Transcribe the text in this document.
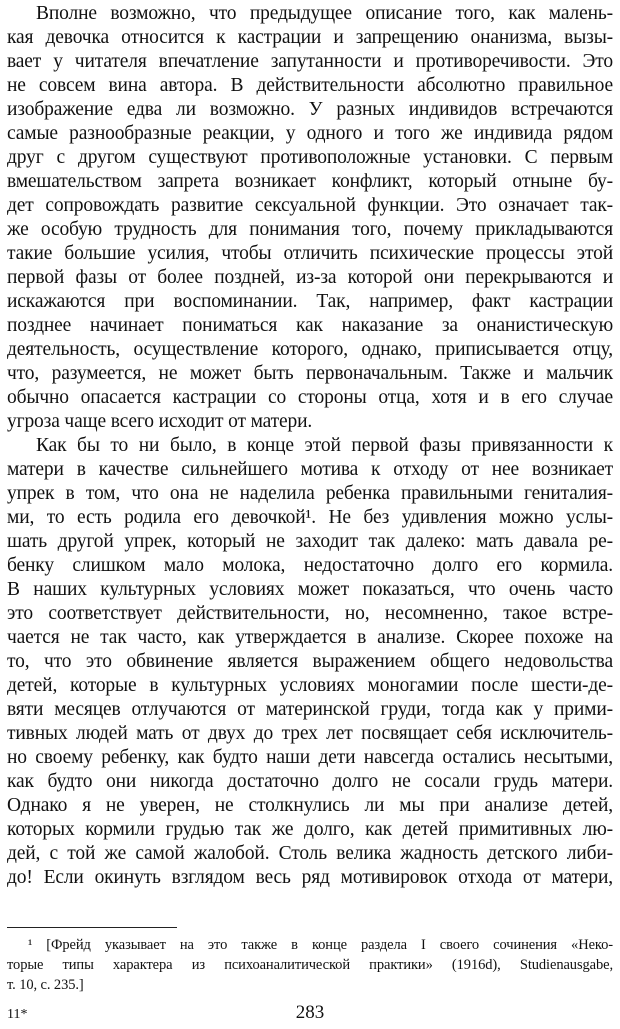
Вполне возможно, что предыдущее описание того, как малень-
кая девочка относится к кастрации и запрещению онанизма, вызы-
вает у читателя впечатление запутанности и противоречивости. Это
не совсем вина автора. В действительности абсолютно правильное
изображение едва ли возможно. У разных индивидов встречаются
самые разнообразные реакции, у одного и того же индивида рядом
друг с другом существуют противоположные установки. С первым
вмешательством запрета возникает конфликт, который отныне бу-
дет сопровождать развитие сексуальной функции. Это означает так-
же особую трудность для понимания того, почему прикладываются
такие большие усилия, чтобы отличить психические процессы этой
первой фазы от более поздней, из-за которой они перекрываются и
искажаются при воспоминании. Так, например, факт кастрации
позднее начинает пониматься как наказание за онанистическую
деятельность, осуществление которого, однако, приписывается отцу,
что, разумеется, не может быть первоначальным. Также и мальчик
обычно опасается кастрации со стороны отца, хотя и в его случае
угроза чаще всего исходит от матери.
Как бы то ни было, в конце этой первой фазы привязанности к
матери в качестве сильнейшего мотива к отходу от нее возникает
упрек в том, что она не наделила ребенка правильными гениталия-
ми, то есть родила его девочкой¹. Не без удивления можно услы-
шать другой упрек, который не заходит так далеко: мать давала ре-
бенку слишком мало молока, недостаточно долго его кормила.
В наших культурных условиях может показаться, что очень часто
это соответствует действительности, но, несомненно, такое встре-
чается не так часто, как утверждается в анализе. Скорее похоже на
то, что это обвинение является выражением общего недовольства
детей, которые в культурных условиях моногамии после шести-де-
вяти месяцев отлучаются от материнской груди, тогда как у прими-
тивных людей мать от двух до трех лет посвящает себя исключитель-
но своему ребенку, как будто наши дети навсегда остались несытыми,
как будто они никогда достаточно долго не сосали грудь матери.
Однако я не уверен, не столкнулись ли мы при анализе детей,
которых кормили грудью так же долго, как детей примитивных лю-
дей, с той же самой жалобой. Столь велика жадность детского либи-
до! Если окинуть взглядом весь ряд мотивировок отхода от матери,
¹ [Фрейд указывает на это также в конце раздела I своего сочинения «Неко-
торые типы характера из психоаналитической практики» (1916d), Studienausgabe,
т. 10, с. 235.]
11*	283
